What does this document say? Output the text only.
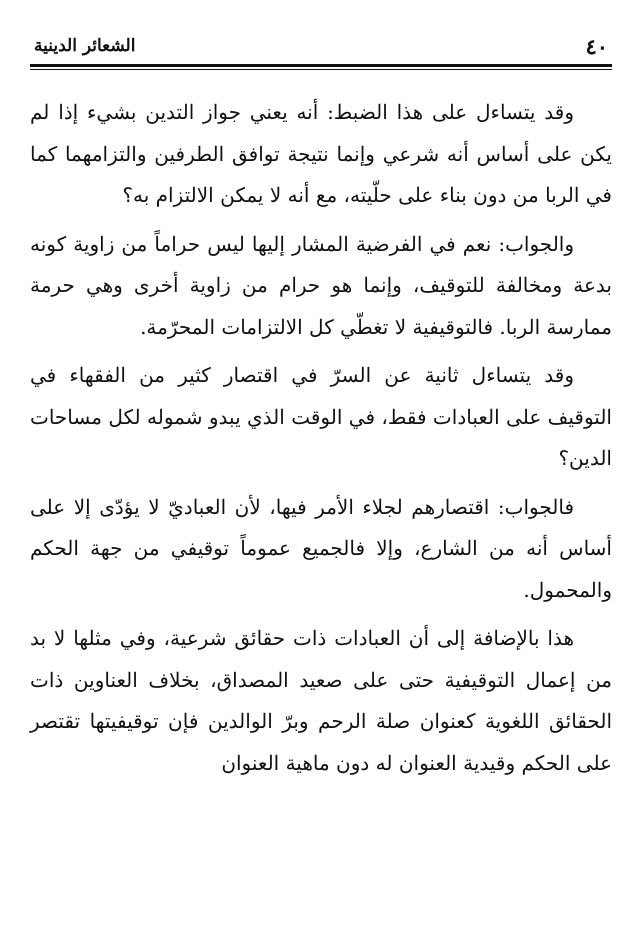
٤٠
الشعائر الدينية

وقد يتساءل على هذا الضبط: أنه يعني جواز التدين بشيء إذا لم يكن على أساس أنه شرعي وإنما نتيجة توافق الطرفين والتزامهما كما في الربا من دون بناء على حلّيته، مع أنه لا يمكن الالتزام به؟

والجواب: نعم في الفرضية المشار إليها ليس حراماً من زاوية كونه بدعة ومخالفة للتوقيف، وإنما هو حرام من زاوية أخرى وهي حرمة ممارسة الربا. فالتوقيفية لا تغطّي كل الالتزامات المحرّمة.

وقد يتساءل ثانية عن السرّ في اقتصار كثير من الفقهاء في التوقيف على العبادات فقط، في الوقت الذي يبدو شموله لكل مساحات الدين؟

فالجواب: اقتصارهم لجلاء الأمر فيها، لأن العباديّ لا يؤدّى إلا على أساس أنه من الشارع، وإلا فالجميع عموماً توقيفي من جهة الحكم والمحمول.

هذا بالإضافة إلى أن العبادات ذات حقائق شرعية، وفي مثلها لا بد من إعمال التوقيفية حتى على صعيد المصداق، بخلاف العناوين ذات الحقائق اللغوية كعنوان صلة الرحم وبرّ الوالدين فإن توقيفيتها تقتصر على الحكم وقيدية العنوان له دون ماهية العنوان
